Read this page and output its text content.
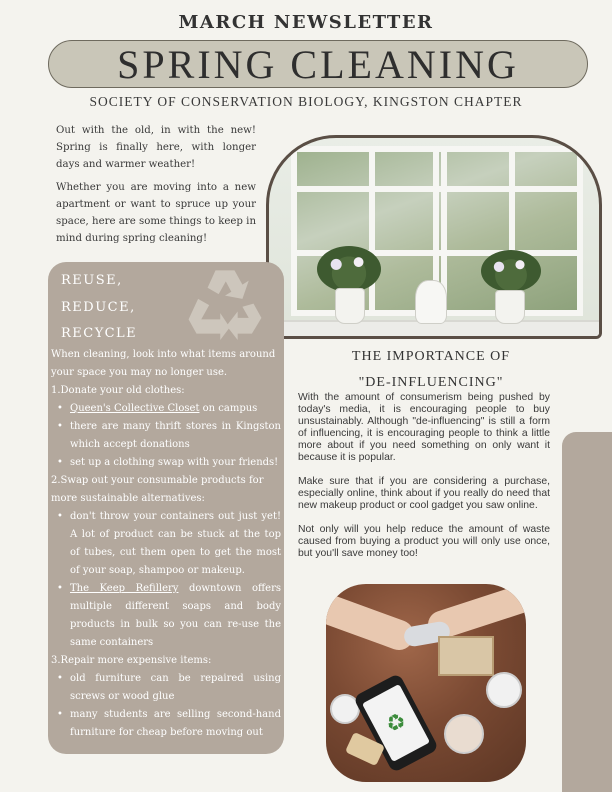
MARCH NEWSLETTER
SPRING CLEANING
SOCIETY OF CONSERVATION BIOLOGY, KINGSTON CHAPTER

Out with the old, in with the new! Spring is finally here, with longer days and warmer weather!

Whether you are moving into a new apartment or want to spruce up your space, here are some things to keep in mind during spring cleaning!

REUSE,
REDUCE,
RECYCLE
When cleaning, look into what items around your space you may no longer use.
1.Donate your old clothes:
• Queen's Collective Closet on campus
• there are many thrift stores in Kingston which accept donations
• set up a clothing swap with your friends!
2.Swap out your consumable products for more sustainable alternatives:
• don't throw your containers out just yet! A lot of product can be stuck at the top of tubes, cut them open to get the most of your soap, shampoo or makeup.
• The Keep Refillery downtown offers multiple different soaps and body products in bulk so you can re-use the same containers
3.Repair more expensive items:
• old furniture can be repaired using screws or wood glue
• many students are selling second-hand furniture for cheap before moving out
THE IMPORTANCE OF
"DE-INFLUENCING"

With the amount of consumerism being pushed by today's media, it is encouraging people to buy unsustainably. Although "de-influencing" is still a form of influencing, it is encouraging people to think a little more about if you need something on only want it because it is popular.

Make sure that if you are considering a purchase, especially online, think about if you really do need that new makeup product or cool gadget you saw online.

Not only will you help reduce the amount of waste caused from buying a product you will only use once, but you'll save money too!

♻
